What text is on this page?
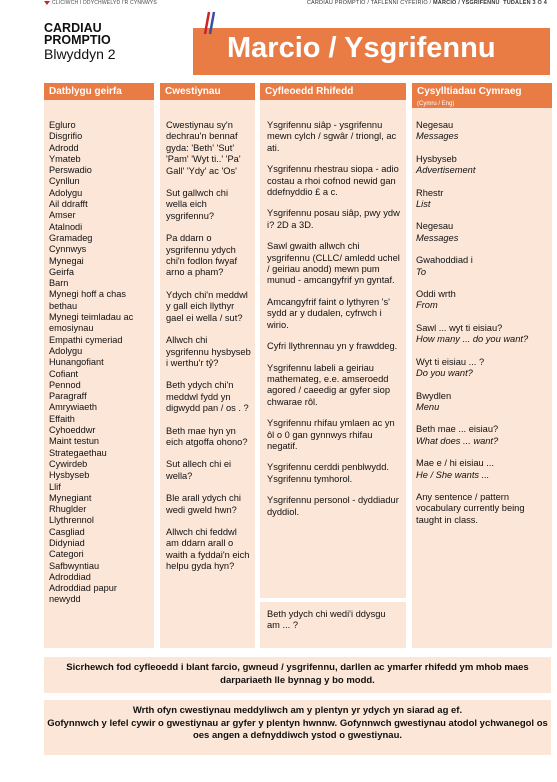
CLICIWCH I DDYCHWELYD I'R CYNNWYS	CARDIAU PROMPTIO / TAFLENNI CYFEIRIO / MARCIO / YSGRIFENNU TUDALEN 3 O 4
CARDIAU
PROMPTIO
Blwyddyn 2	Marcio / Ysgrifennu
Datblygu geirfa	Cwestiynau	Cyfleoedd Rhifedd	Cysylltiadau Cymraeg
(Cymru / Eng)
Egluro
Disgrifio
Adrodd
Ymateb
Perswadio
Cynllun
Adolygu
Ail ddrafft
Amser
Atalnodi
Gramadeg
Cynnwys
Mynegai
Geirfa
Barn
Mynegi hoff a chas
bethau
Mynegi teimladau ac
emosiynau
Empathi cymeriad
Adolygu
Hunangofiant
Cofiant
Pennod
Paragraff
Amrywiaeth
Effaith
Cyhoeddwr
Maint testun
Strategaethau
Cywirdeb
Hysbyseb
Llif
Mynegiant
Rhuglder
Llythrennol
Casgliad
Didyniad
Categori
Safbwyntiau
Adroddiad
Adroddiad papur
newydd

Cwestiynau sy'n dechrau'n bennaf gyda: 'Beth' 'Sut' 'Pam' 'Wyt ti..' 'Pa' Gall' 'Ydy' ac 'Os'

Sut gallwch chi wella eich ysgrifennu?

Pa ddarn o ysgrifennu ydych chi'n fodlon fwyaf arno a pham?

Ydych chi'n meddwl y gall eich llythyr gael ei wella / sut?

Allwch chi ysgrifennu hysbyseb i werthu'r tŷ?

Beth ydych chi'n meddwl fydd yn digwydd pan / os . ?

Beth mae hyn yn eich atgoffa ohono?

Sut allech chi ei wella?

Ble arall ydych chi wedi gweld hwn?

Allwch chi feddwl am ddarn arall o waith a fyddai'n eich helpu gyda hyn?

Ysgrifennu siâp - ysgrifennu mewn cylch / sgwâr / triongl, ac ati.

Ysgrifennu rhestrau siopa - adio costau a rhoi cofnod newid gan ddefnyddio £ a c.

Ysgrifennu posau siâp, pwy ydw i? 2D a 3D.

Sawl gwaith allwch chi ysgrifennu (CLLC/ amledd uchel / geiriau anodd) mewn pum munud - amcangyfrif yn gyntaf.

Amcangyfrif faint o lythyren 's' sydd ar y dudalen, cyfrwch i wirio.

Cyfri llythrennau yn y frawddeg.

Ysgrifennu labeli a geiriau mathemateg, e.e. amseroedd agored / caeedig ar gyfer siop chwarae rôl.

Ysgrifennu rhifau ymlaen ac yn ôl o 0 gan gynnwys rhifau negatif.

Ysgrifennu cerddi penblwydd. Ysgrifennu tymhorol.

Ysgrifennu personol - dyddiadur dyddiol.

Beth ydych chi wedi'i ddysgu am ... ?

Negesau
Messages
Hysbyseb
Advertisement
Rhestr
List
Negesau
Messages
Gwahoddiad i
To
Oddi wrth
From
Sawl ... wyt ti eisiau?
How many ... do you want?
Wyt ti eisiau ... ?
Do you want?
Bwydlen
Menu
Beth mae ... eisiau?
What does ... want?
Mae e / hi eisiau ...
He / She wants ...
Any sentence / pattern vocabulary currently being taught in class.
Sicrhewch fod cyfleoedd i blant farcio, gwneud / ysgrifennu, darllen ac ymarfer rhifedd ym mhob maes darpariaeth lle bynnag y bo modd.
Wrth ofyn cwestiynau meddyliwch am y plentyn yr ydych yn siarad ag ef.
Gofynnwch y lefel cywir o gwestiynau ar gyfer y plentyn hwnnw. Gofynnwch gwestiynau atodol ychwanegol os oes angen a defnyddiwch ystod o gwestiynau.
